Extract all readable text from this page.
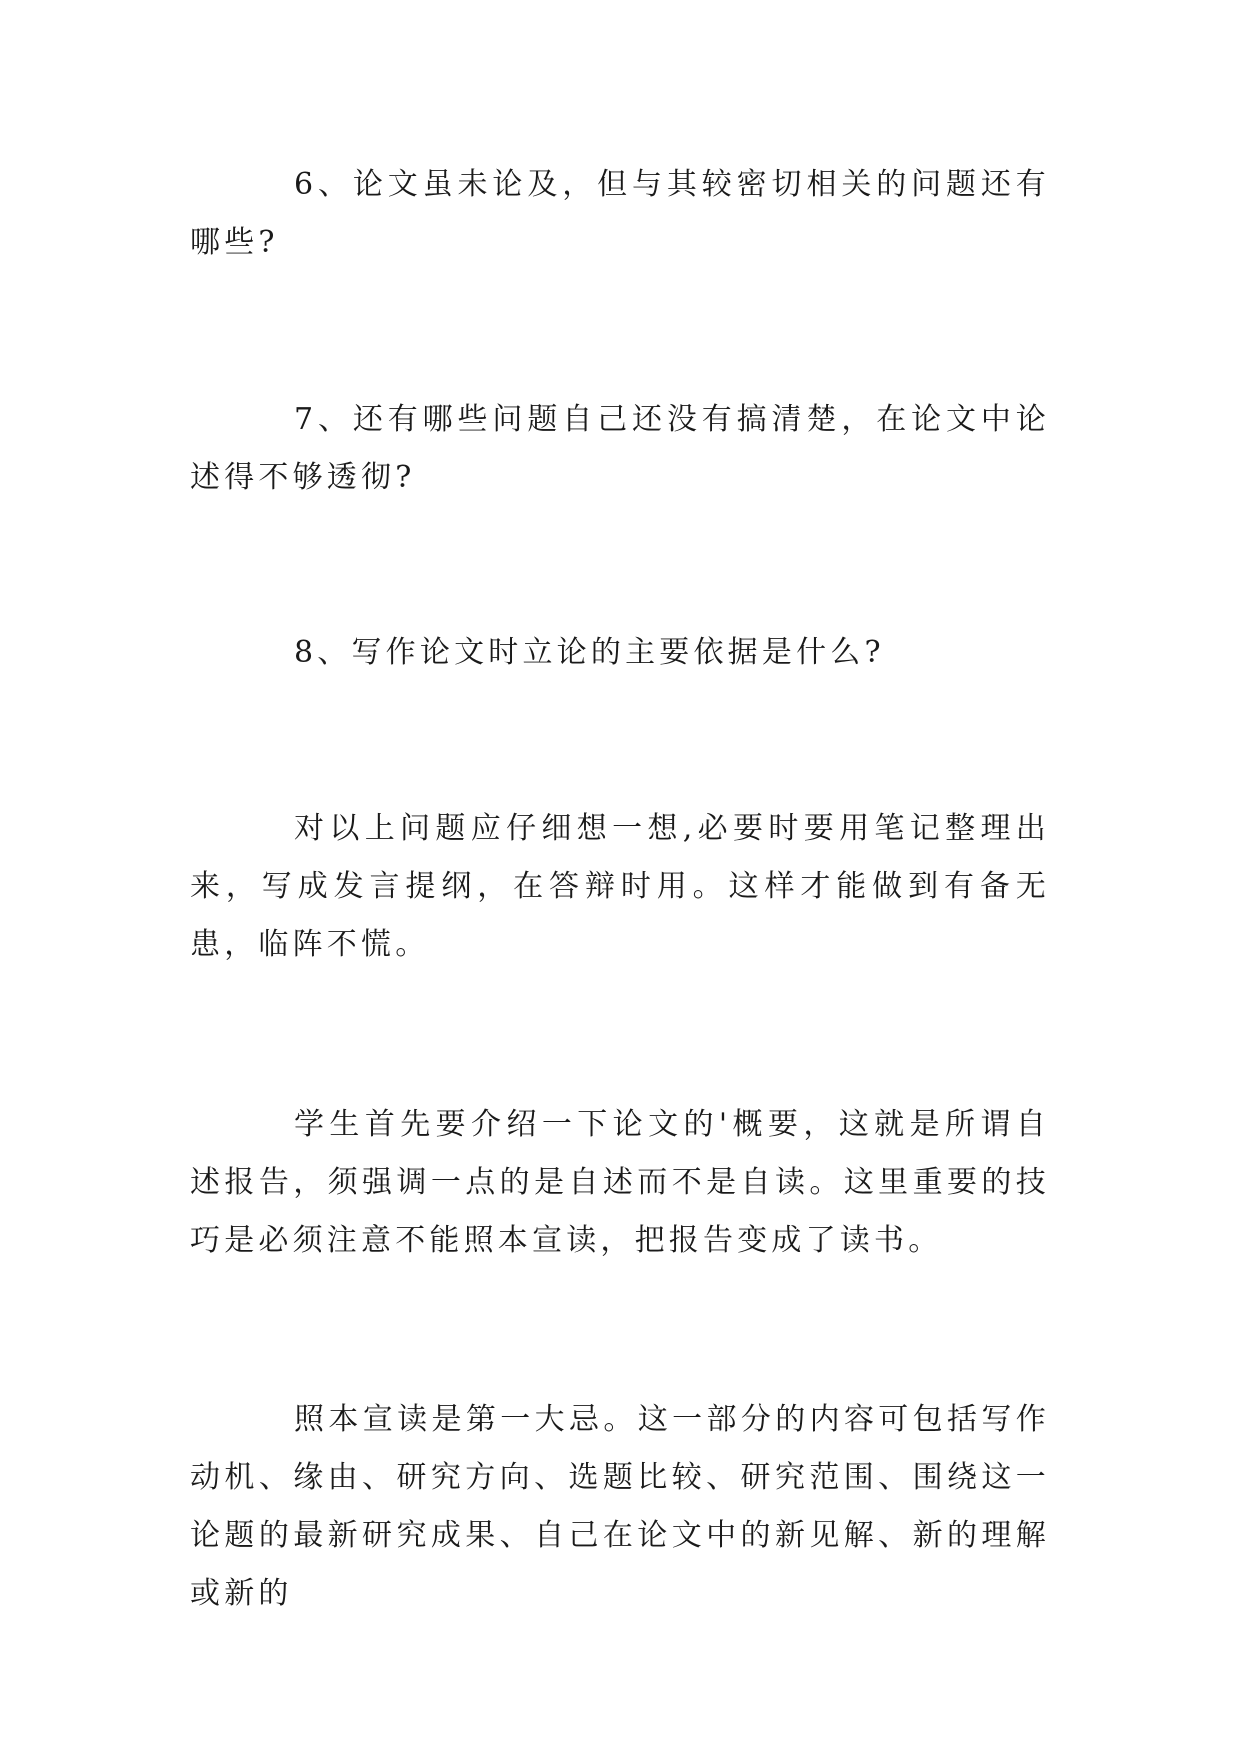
6、论文虽未论及，但与其较密切相关的问题还有哪些?

7、还有哪些问题自己还没有搞清楚，在论文中论述得不够透彻?

8、写作论文时立论的主要依据是什么?

对以上问题应仔细想一想,必要时要用笔记整理出来，写成发言提纲，在答辩时用。这样才能做到有备无患，临阵不慌。

学生首先要介绍一下论文的'概要，这就是所谓自述报告，须强调一点的是自述而不是自读。这里重要的技巧是必须注意不能照本宣读，把报告变成了读书。

照本宣读是第一大忌。这一部分的内容可包括写作动机、缘由、研究方向、选题比较、研究范围、围绕这一论题的最新研究成果、自己在论文中的新见解、新的理解或新的
